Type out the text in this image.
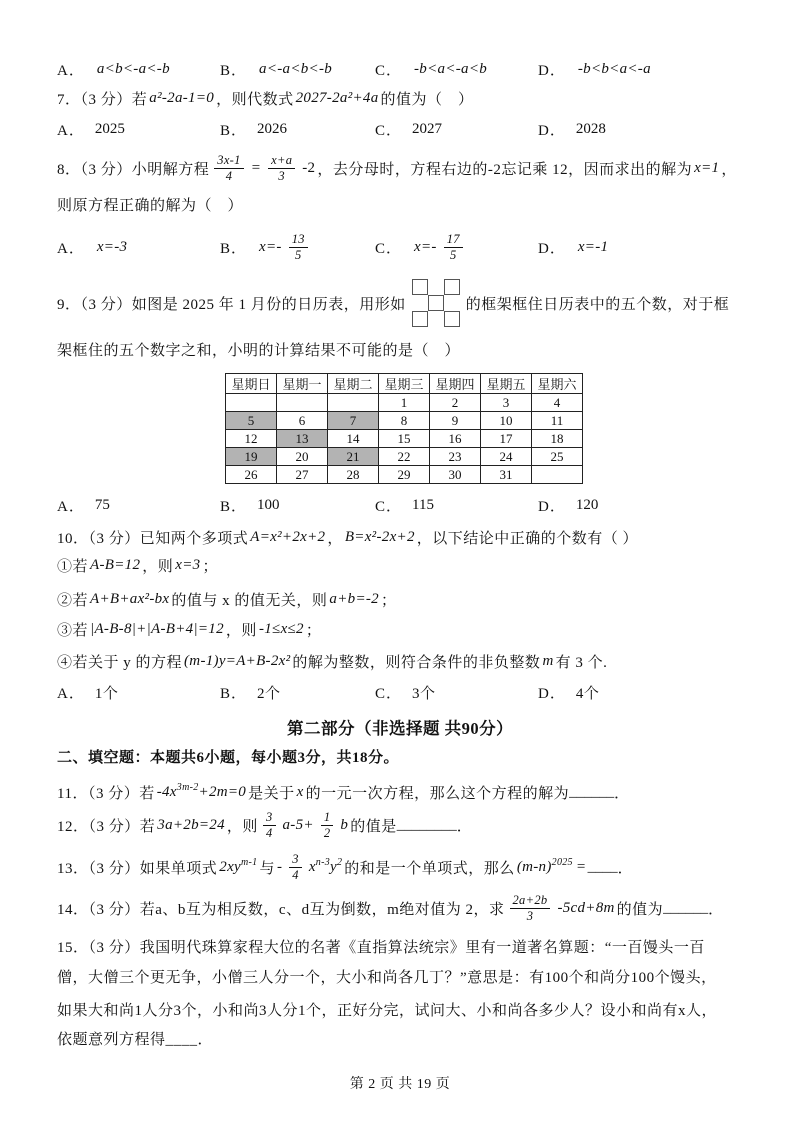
A． a<b<-a<-b	B． a<-a<b<-b	C． -b<a<-a<b	D． -b<b<a<-a
7．（3 分）若 a²-2a-1=0 ，则代数式 2027-2a²+4a 的值为（　）
A． 2025	B． 2026	C． 2027	D． 2028
8．（3 分）小明解方程 $\frac{3x-1}{4} = \frac{x+a}{3} -2$ ，去分母时，方程右边的-2忘记乘 12，因而求出的解为 x=1 ，
则原方程正确的解为（　）
A． x=-3	B． $x=- \frac{13}{5}$	C． $x=- \frac{17}{5}$	D． x=-1
9．（3 分）如图是 2025 年 1 月份的日历表，用形如	的框架框住日历表中的五个数，对于框
架框住的五个数字之和，小明的计算结果不可能的是（　）
星期日	星期一	星期二	星期三	星期四	星期五	星期六
			1	2	3	4
5	6	7	8	9	10	11
12	13	14	15	16	17	18
19	20	21	22	23	24	25
26	27	28	29	30	31	
A． 75	B． 100	C． 115	D． 120
10．（3 分）已知两个多项式 A=x²+2x+2 ， B=x²-2x+2 ，以下结论中正确的个数有（ ）
①若 A-B=12 ，则 x=3 ；
②若 A+B+ax²-bx 的值与 x 的值无关，则 a+b=-2 ；
③若 |A-B-8|+|A-B+4|=12 ，则 -1≤x≤2 ；
④若关于 y 的方程 (m-1)y=A+B-2x² 的解为整数，则符合条件的非负整数 m 有 3 个.
A． 1个	B． 2个	C． 3个	D． 4个
第二部分（非选择题 共90分）
二、填空题：本题共6小题，每小题3分，共18分。
11．（3 分）若 $-4x^{3m-2}+2m=0$ 是关于 x 的一元一次方程，那么这个方程的解为 ______ ．
12．（3 分）若 3a+2b=24 ，则 $\frac{3}{4} a-5+ \frac{1}{2}$ b 的值是 ________ ．
13．（3 分）如果单项式 $2xy^{m-1}$ 与 - $\frac{3}{4} x^{n-3}y^2$ 的和是一个单项式，那么 $(m-n)^{2025}$ = ____ ．
14．（3 分）若a、b互为相反数，c、d互为倒数，m绝对值为 2，求 $\frac{2a+2b}{3} -5cd+8m$ 的值为 ______ ．
15．（3 分）我国明代珠算家程大位的名著《直指算法统宗》里有一道著名算题：“一百馒头一百
僧，大僧三个更无争，小僧三人分一个，大小和尚各几丁？”意思是：有100个和尚分100个馒头，
如果大和尚1人分3个，小和尚3人分1个，正好分完，试问大、小和尚各多少人？设小和尚有x人，
依题意列方程得____．
第 2 页 共 19 页
